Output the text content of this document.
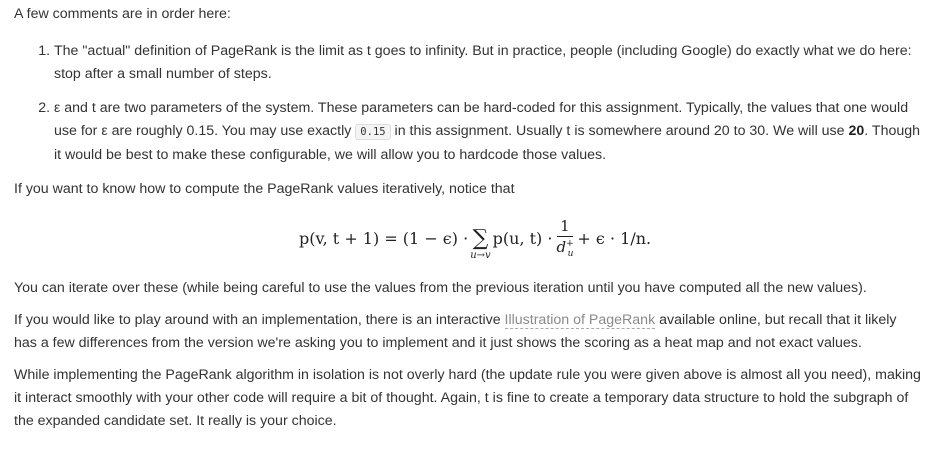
A few comments are in order here:

1. The "actual" definition of PageRank is the limit as t goes to infinity. But in practice, people (including Google) do exactly what we do here: stop after a small number of steps.
2. ε and t are two parameters of the system. These parameters can be hard-coded for this assignment. Typically, the values that one would use for ε are roughly 0.15. You may use exactly 0.15 in this assignment. Usually t is somewhere around 20 to 30. We will use 20. Though it would be best to make these configurable, we will allow you to hardcode those values.

If you want to know how to compute the PageRank values iteratively, notice that

p(v, t + 1) = (1 − ϵ) · ∑
u→v
p(u, $t) \cdot \frac{1}{d^+_u} + \epsilon \cdot 1/n$.

You can iterate over these (while being careful to use the values from the previous iteration until you have computed all the new values).

If you would like to play around with an implementation, there is an interactive Illustration of PageRank available online, but recall that it likely has a few differences from the version we're asking you to implement and it just shows the scoring as a heat map and not exact values.

While implementing the PageRank algorithm in isolation is not overly hard (the update rule you were given above is almost all you need), making it interact smoothly with your other code will require a bit of thought. Again, t is fine to create a temporary data structure to hold the subgraph of the expanded candidate set. It really is your choice.
